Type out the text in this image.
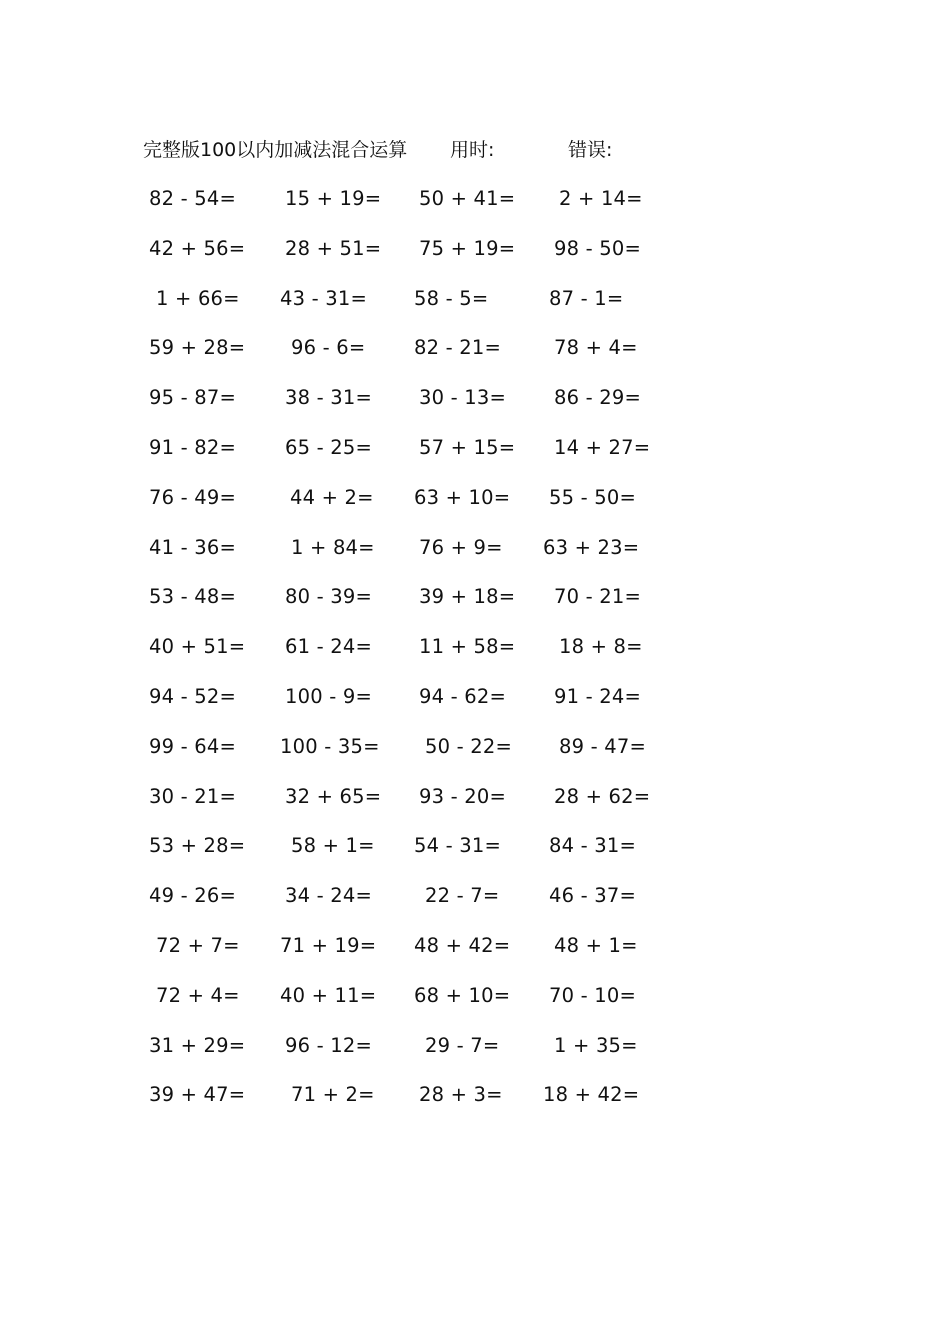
完整版100以内加减法混合运算 用时:	错误:
82 - 54=	15 + 19= 50 + 41= 2 + 14=
42 + 56= 28 + 51= 75 + 19= 98 - 50=
1 + 66= 43 - 31= 58 - 5=	87 - 1=
59 + 28= 96 - 6= 82 - 21=	78 + 4=
95 - 87=	38 - 31= 30 - 13= 86 - 29=
91 - 82=	65 - 25= 57 + 15= 14 + 27=
76 - 49=	44 + 2= 63 + 10= 55 - 50=
41 - 36=	1 + 84= 76 + 9= 63 + 23=
53 - 48=	80 - 39= 39 + 18= 70 - 21=
40 + 51= 61 - 24= 11 + 58= 18 + 8=
94 - 52=	100 - 9= 94 - 62= 91 - 24=
99 - 64= 100 - 35= 50 - 22= 89 - 47=
30 - 21=	32 + 65= 93 - 20= 28 + 62=
53 + 28= 58 + 1= 54 - 31= 84 - 31=
49 - 26=	34 - 24=	22 - 7=	46 - 37=
72 + 7= 71 + 19= 48 + 42= 48 + 1=
72 + 4= 40 + 11= 68 + 10= 70 - 10=
31 + 29= 96 - 12=	29 - 7=	1 + 35=
39 + 47= 71 + 2= 28 + 3= 18 + 42=
